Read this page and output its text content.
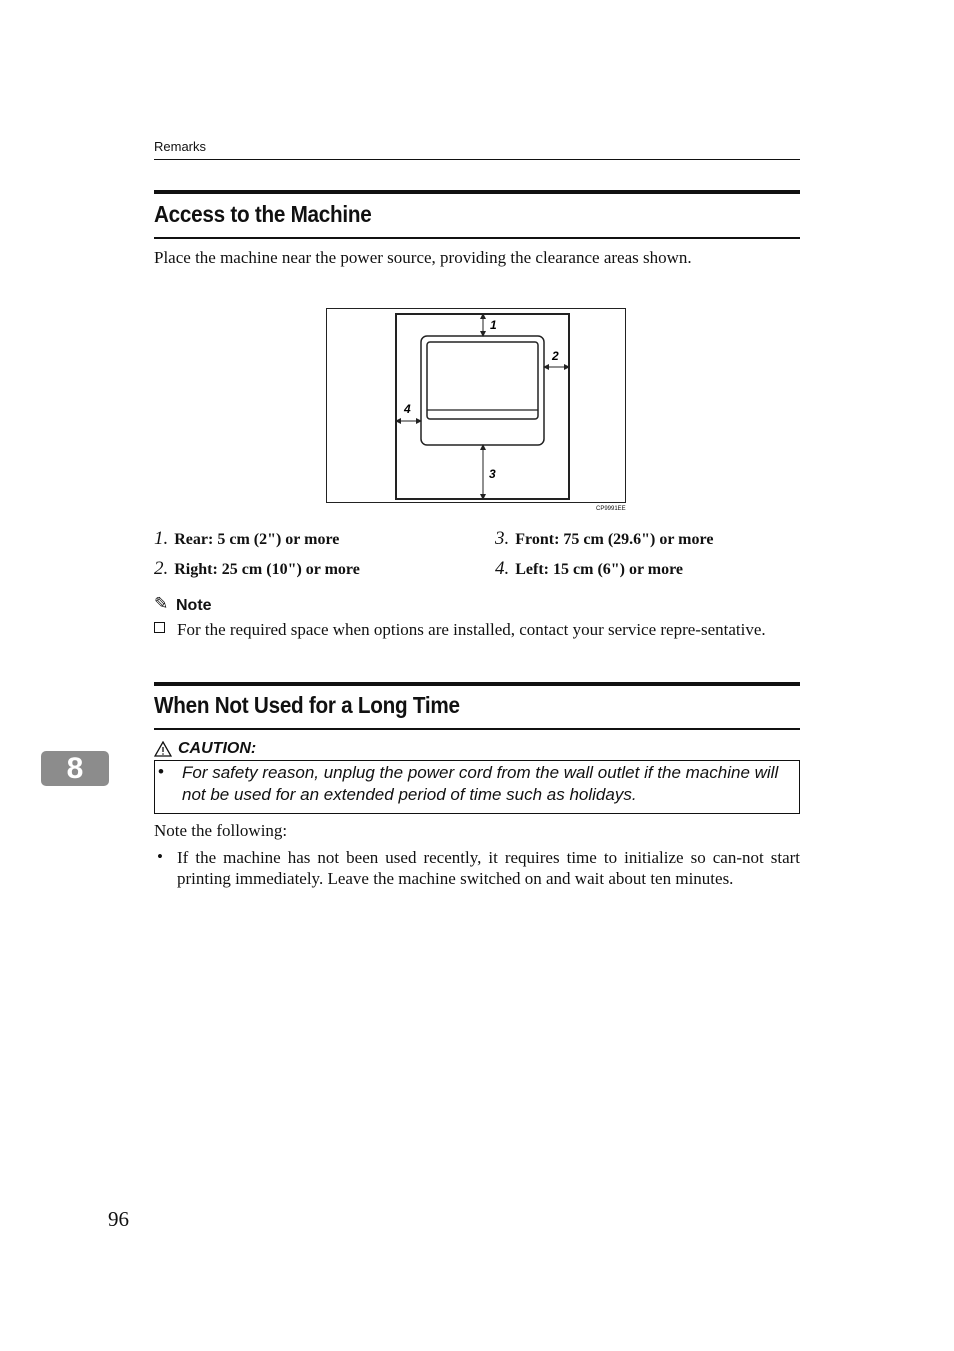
Remarks
Access to the Machine
Place the machine near the power source, providing the clearance areas shown.
1
2
3
4
CP9991EE
1. Rear: 5 cm (2") or more
2. Right: 25 cm (10") or more
3. Front: 75 cm (29.6") or more
4. Left: 15 cm (6") or more
✎ Note
For the required space when options are installed, contact your service repre-sentative.
When Not Used for a Long Time
CAUTION:
• For safety reason, unplug the power cord from the wall outlet if the machine will not be used for an extended period of time such as holidays.
Note the following:
• If the machine has not been used recently, it requires time to initialize so can-not start printing immediately. Leave the machine switched on and wait about ten minutes.
8
96
